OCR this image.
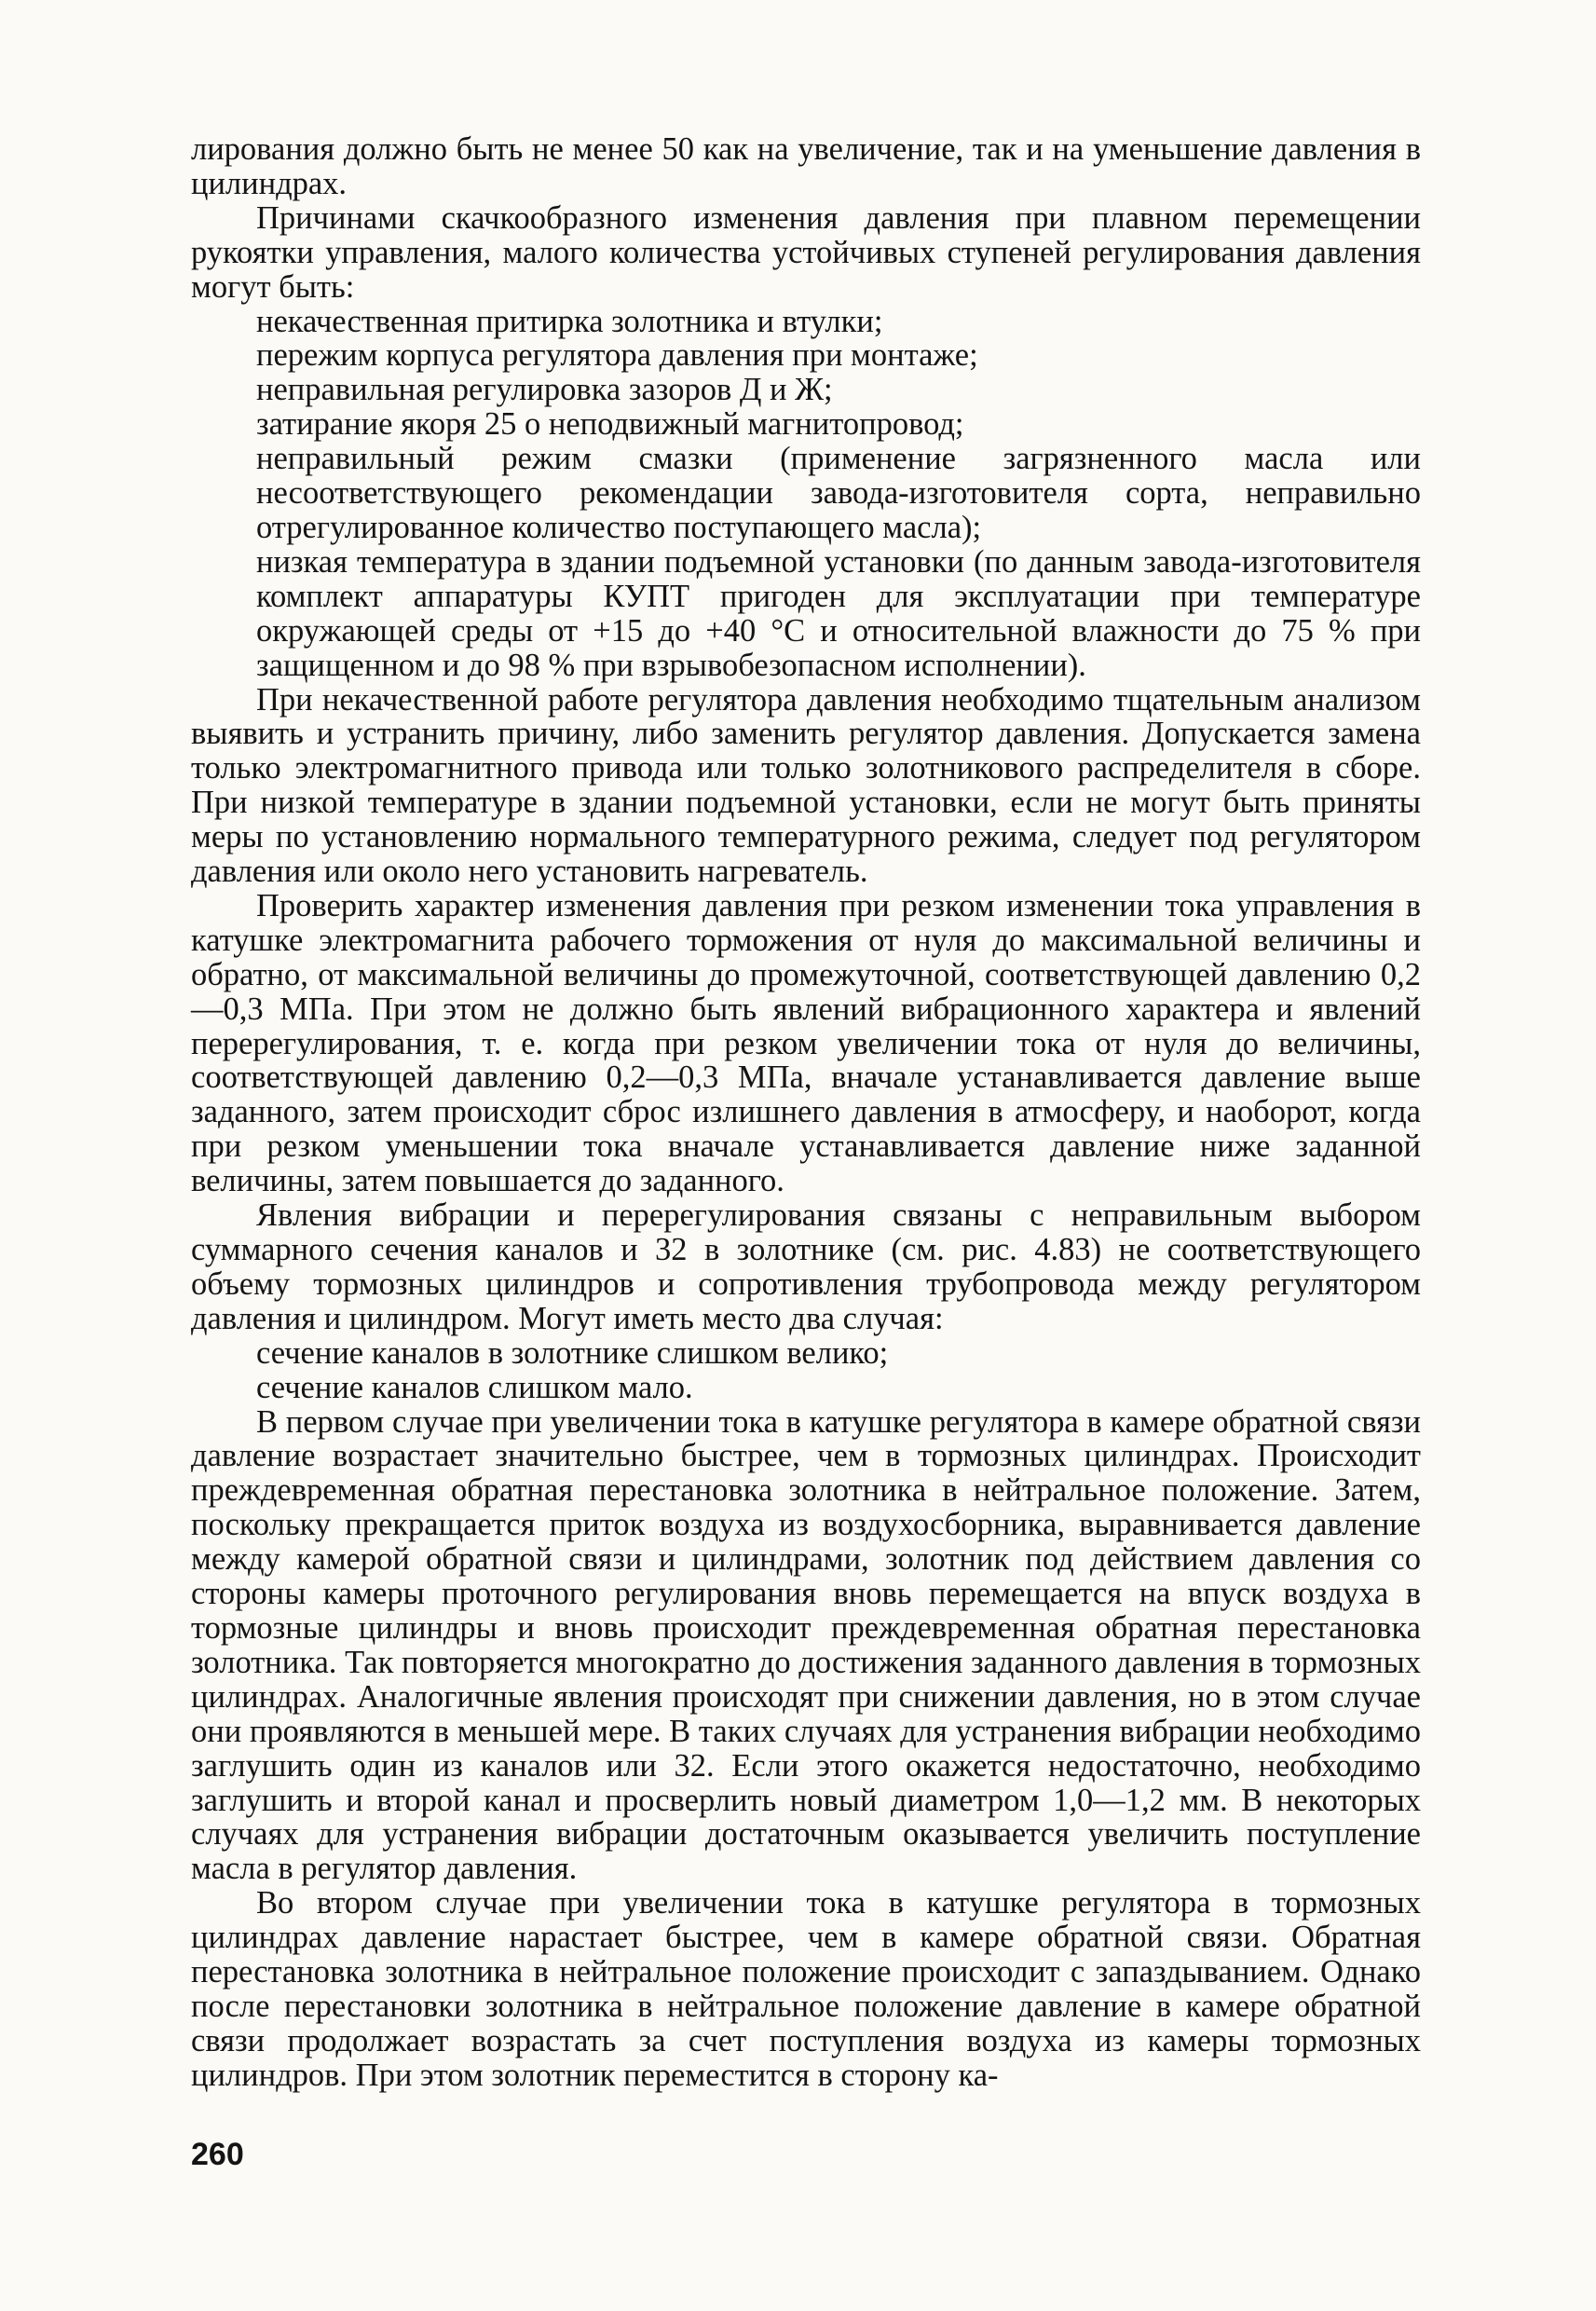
лирования должно быть не менее 50 как на увеличение, так и на уменьшение давления в цилиндрах.

Причинами скачкообразного изменения давления при плавном перемещении рукоятки управления, малого количества устойчивых ступеней регулирования давления могут быть:

некачественная притирка золотника и втулки;

пережим корпуса регулятора давления при монтаже;

неправильная регулировка зазоров Д и Ж;

затирание якоря 25 о неподвижный магнитопровод;

неправильный режим смазки (применение загрязненного масла или несоответствующего рекомендации завода-изготовителя сорта, неправильно отрегулированное количество поступающего масла);

низкая температура в здании подъемной установки (по данным завода-изготовителя комплект аппаратуры КУПТ пригоден для эксплуатации при температуре окружающей среды от +15 до +40 °С и относительной влажности до 75 % при защищенном и до 98 % при взрывобезопасном исполнении).

При некачественной работе регулятора давления необходимо тщательным анализом выявить и устранить причину, либо заменить регулятор давления. Допускается замена только электромагнитного привода или только золотникового распределителя в сборе. При низкой температуре в здании подъемной установки, если не могут быть приняты меры по установлению нормального температурного режима, следует под регулятором давления или около него установить нагреватель.

Проверить характер изменения давления при резком изменении тока управления в катушке электромагнита рабочего торможения от нуля до максимальной величины и обратно, от максимальной величины до промежуточной, соответствующей давлению 0,2—0,3 МПа. При этом не должно быть явлений вибрационного характера и явлений перерегулирования, т. е. когда при резком увеличении тока от нуля до величины, соответствующей давлению 0,2—0,3 МПа, вначале устанавливается давление выше заданного, затем происходит сброс излишнего давления в атмосферу, и наоборот, когда при резком уменьшении тока вначале устанавливается давление ниже заданной величины, затем повышается до заданного.

Явления вибрации и перерегулирования связаны с неправильным выбором суммарного сечения каналов и 32 в золотнике (см. рис. 4.83) не соответствующего объему тормозных цилиндров и сопротивления трубопровода между регулятором давления и цилиндром. Могут иметь место два случая:

сечение каналов в золотнике слишком велико;

сечение каналов слишком мало.

В первом случае при увеличении тока в катушке регулятора в камере обратной связи давление возрастает значительно быстрее, чем в тормозных цилиндрах. Происходит преждевременная обратная перестановка золотника в нейтральное положение. Затем, поскольку прекращается приток воздуха из воздухосборника, выравнивается давление между камерой обратной связи и цилиндрами, золотник под действием давления со стороны камеры проточного регулирования вновь перемещается на впуск воздуха в тормозные цилиндры и вновь происходит преждевременная обратная перестановка золотника. Так повторяется многократно до достижения заданного давления в тормозных цилиндрах. Аналогичные явления происходят при снижении давления, но в этом случае они проявляются в меньшей мере. В таких случаях для устранения вибрации необходимо заглушить один из каналов или 32. Если этого окажется недостаточно, необходимо заглушить и второй канал и просверлить новый диаметром 1,0—1,2 мм. В некоторых случаях для устранения вибрации достаточным оказывается увеличить поступление масла в регулятор давления.

Во втором случае при увеличении тока в катушке регулятора в тормозных цилиндрах давление нарастает быстрее, чем в камере обратной связи. Обратная перестановка золотника в нейтральное положение происходит с запаздыванием. Однако после перестановки золотника в нейтральное положение давление в камере обратной связи продолжает возрастать за счет поступления воздуха из камеры тормозных цилиндров. При этом золотник переместится в сторону ка-

260
